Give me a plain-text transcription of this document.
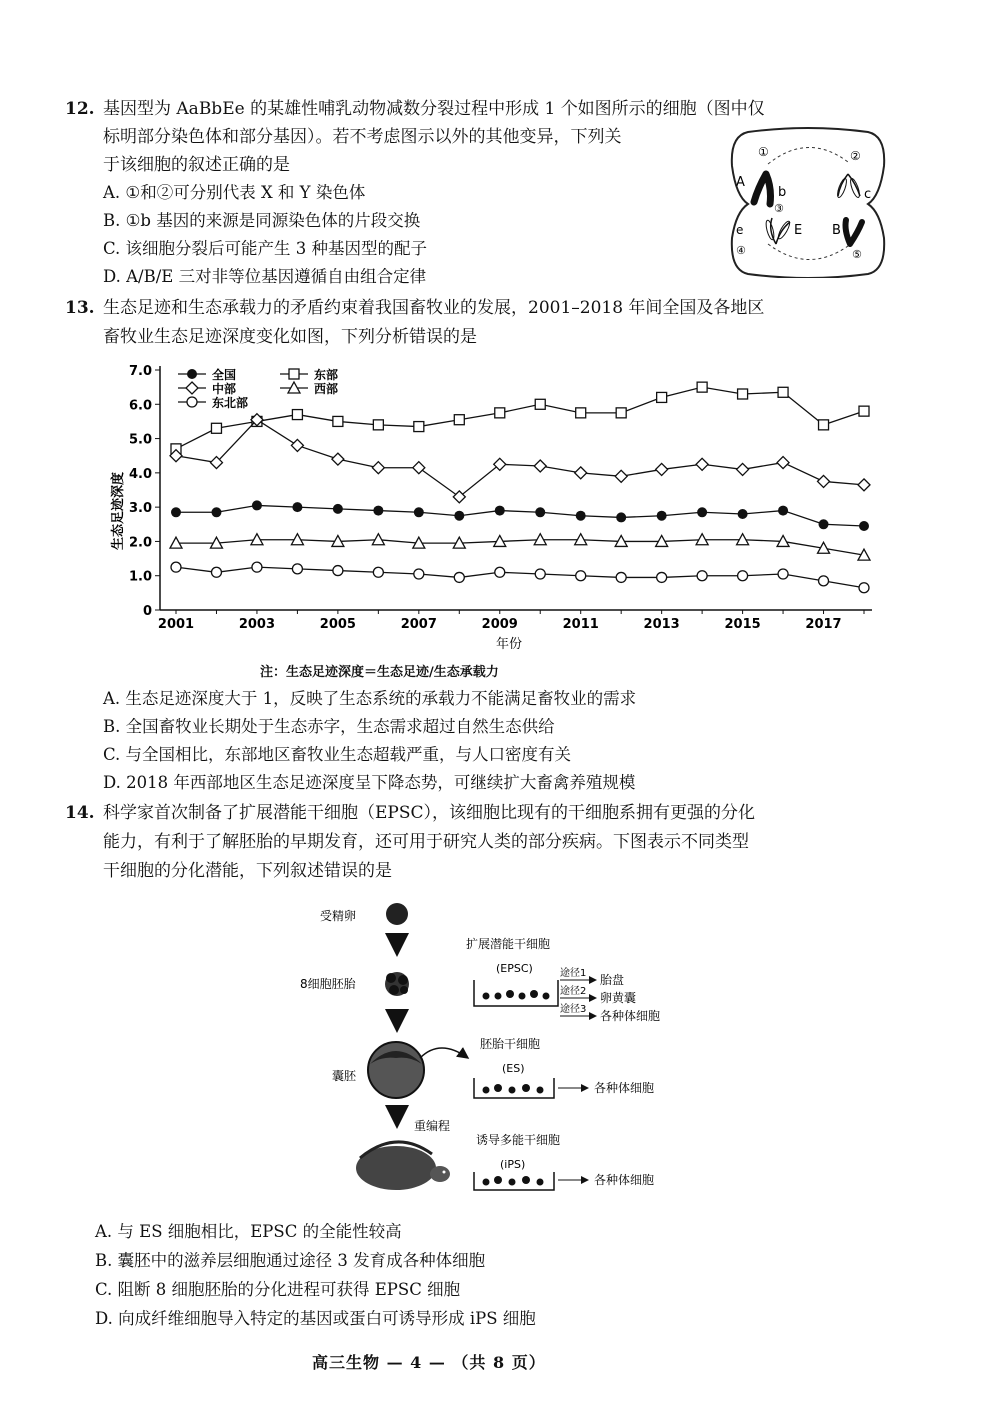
12. 基因型为 AaBbEe 的某雄性哺乳动物减数分裂过程中形成 1 个如图所示的细胞（图中仅
标明部分染色体和部分基因）。若不考虑图示以外的其他变异，下列关
于该细胞的叙述正确的是
A. ①和②可分别代表 X 和 Y 染色体
B. ①b 基因的来源是同源染色体的片段交换
C. 该细胞分裂后可能产生 3 种基因型的配子
D. A/B/E 三对非等位基因遵循自由组合定律
①	②
A
b	c
E B
e
③
④	⑤
13. 生态足迹和生态承载力的矛盾约束着我国畜牧业的发展，2001–2018 年间全国及各地区
畜牧业生态足迹深度变化如图，下列分析错误的是
0
1.0
2.0
3.0
4.0
5.0
6.0
7.0
2001	2003	2005	2007	2009	2011	2013	2015	2017
年份
生态足迹深度
全国	东部
中部	西部
东北部
注：生态足迹深度＝生态足迹/生态承载力
A. 生态足迹深度大于 1，反映了生态系统的承载力不能满足畜牧业的需求
B. 全国畜牧业长期处于生态赤字，生态需求超过自然生态供给
C. 与全国相比，东部地区畜牧业生态超载严重，与人口密度有关
D. 2018 年西部地区生态足迹深度呈下降态势，可继续扩大畜禽养殖规模
14. 科学家首次制备了扩展潜能干细胞（EPSC），该细胞比现有的干细胞系拥有更强的分化
能力，有利于了解胚胎的早期发育，还可用于研究人类的部分疾病。下图表示不同类型
干细胞的分化潜能，下列叙述错误的是
受精卵
8细胞胚胎
囊胚
重编程
扩展潜能干细胞
(EPSC)	途径1 胎盘
途径2 卵黄囊
途径3 各种体细胞
胚胎干细胞
(ES)
各种体细胞
诱导多能干细胞
(iPS)
各种体细胞
A. 与 ES 细胞相比，EPSC 的全能性较高
B. 囊胚中的滋养层细胞通过途径 3 发育成各种体细胞
C. 阻断 8 细胞胚胎的分化进程可获得 EPSC 细胞
D. 向成纤维细胞导入特定的基因或蛋白可诱导形成 iPS 细胞
高三生物 — 4 — （共 8 页）
